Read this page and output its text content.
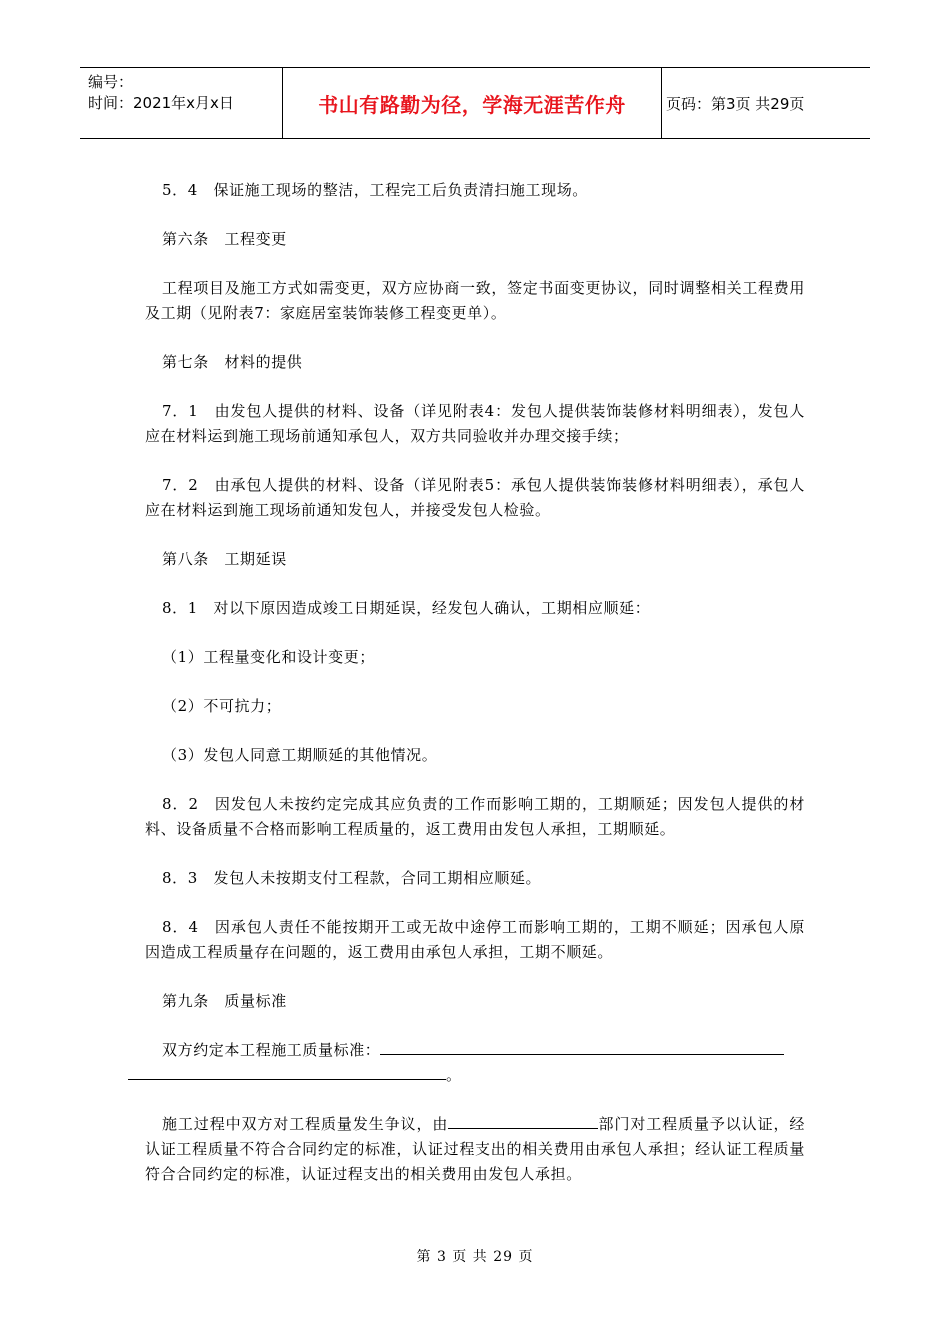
编号：
时间：2021年x月x日	书山有路勤为径，学海无涯苦作舟	页码：第3页 共29页

5．4　保证施工现场的整洁，工程完工后负责清扫施工现场。

第六条　工程变更

工程项目及施工方式如需变更，双方应协商一致，签定书面变更协议，同时调整相关工程费用及工期（见附表7：家庭居室装饰装修工程变更单）。

第七条　材料的提供

7．1　由发包人提供的材料、设备（详见附表4：发包人提供装饰装修材料明细表），发包人应在材料运到施工现场前通知承包人，双方共同验收并办理交接手续；

7．2　由承包人提供的材料、设备（详见附表5：承包人提供装饰装修材料明细表），承包人应在材料运到施工现场前通知发包人，并接受发包人检验。

第八条　工期延误

8．1　对以下原因造成竣工日期延误，经发包人确认，工期相应顺延：

（1）工程量变化和设计变更；

（2）不可抗力；

（3）发包人同意工期顺延的其他情况。

8．2　因发包人未按约定完成其应负责的工作而影响工期的，工期顺延；因发包人提供的材料、设备质量不合格而影响工程质量的，返工费用由发包人承担，工期顺延。

8．3　发包人未按期支付工程款，合同工期相应顺延。

8．4　因承包人责任不能按期开工或无故中途停工而影响工期的，工期不顺延；因承包人原因造成工程质量存在问题的，返工费用由承包人承担，工期不顺延。

第九条　质量标准

双方约定本工程施工质量标准：
。

施工过程中双方对工程质量发生争议，由	部门对工程质量予以认证，经认证工程质量不符合合同约定的标准，认证过程支出的相关费用由承包人承担；经认证工程质量符合合同约定的标准，认证过程支出的相关费用由发包人承担。

第 3 页 共 29 页
